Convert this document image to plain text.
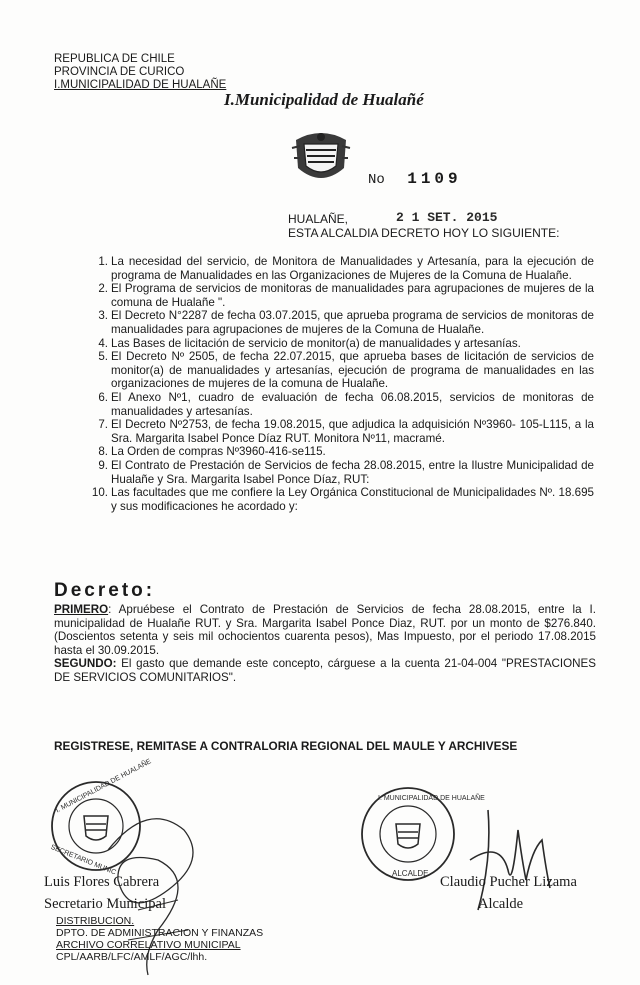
REPUBLICA DE CHILE
PROVINCIA DE CURICO
I.MUNICIPALIDAD DE HUALAÑE
I.Municipalidad de Hualañé
No 1109
HUALAÑE,	2 1 SET. 2015
ESTA ALCALDIA DECRETO HOY LO SIGUIENTE:
1. La necesidad del servicio, de Monitora de Manualidades y Artesanía, para la ejecución de programa de Manualidades en las Organizaciones de Mujeres de la Comuna de Hualañe.
2. El Programa de servicios de monitoras de manualidades para agrupaciones de mujeres de la comuna de Hualañe ".
3. El Decreto N°2287 de fecha 03.07.2015, que aprueba programa de servicios de monitoras de manualidades para agrupaciones de mujeres de la Comuna de Hualañe.
4. Las Bases de licitación de servicio de monitor(a) de manualidades y artesanías.
5. El Decreto Nº 2505, de fecha 22.07.2015, que aprueba bases de licitación de servicios de monitor(a) de manualidades y artesanías, ejecución de programa de manualidades en las organizaciones de mujeres de la comuna de Hualañe.
6. El Anexo Nº1, cuadro de evaluación de fecha 06.08.2015, servicios de monitoras de manualidades y artesanías.
7. El Decreto Nº2753, de fecha 19.08.2015, que adjudica la adquisición Nº3960- 105-L115, a la Sra. Margarita Isabel Ponce Díaz RUT. Monitora Nº11, macramé.
8. La Orden de compras Nº3960-416-se115.
9. El Contrato de Prestación de Servicios de fecha 28.08.2015, entre la Ilustre Municipalidad de Hualañe y Sra. Margarita Isabel Ponce Díaz, RUT:
10. Las facultades que me confiere la Ley Orgánica Constitucional de Municipalidades Nº. 18.695 y sus modificaciones he acordado y:
Decreto:
PRIMERO: Apruébese el Contrato de Prestación de Servicios de fecha 28.08.2015, entre la I. municipalidad de Hualañe RUT. y Sra. Margarita Isabel Ponce Diaz, RUT. por un monto de $276.840. (Doscientos setenta y seis mil ochocientos cuarenta pesos), Mas Impuesto, por el periodo 17.08.2015 hasta el 30.09.2015.
SEGUNDO: El gasto que demande este concepto, cárguese a la cuenta 21-04-004 "PRESTACIONES DE SERVICIOS COMUNITARIOS".
REGISTRESE, REMITASE A CONTRALORIA REGIONAL DEL MAULE Y ARCHIVESE
I. MUNICIPALIDAD DE HUALAÑE
SECRETARIO MUNIC
I. MUNICIPALIDAD DE HUALAÑE
ALCALDE
Luis Flores Cabrera
Secretario Municipal
Claudio Pucher Lizama
Alcalde
DISTRIBUCION.
DPTO. DE ADMINISTRACION Y FINANZAS
ARCHIVO CORRELATIVO MUNICIPAL
CPL/AARB/LFC/AMLF/AGC/lhh.
